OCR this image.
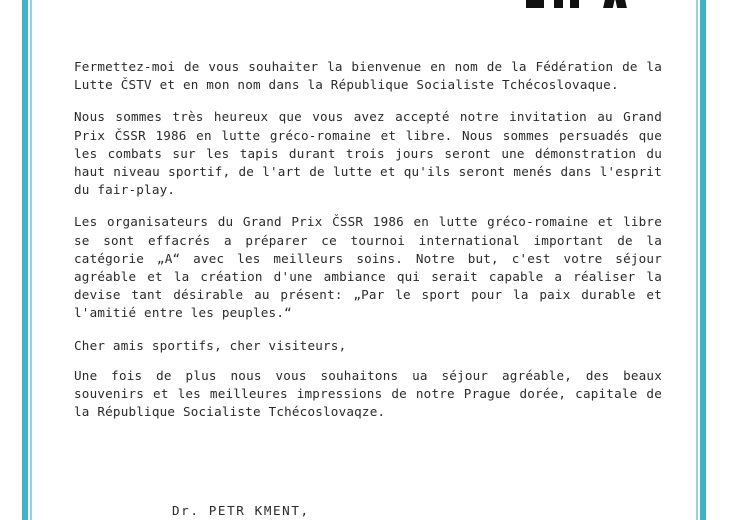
Fermettez-moi de vous souhaiter la bienvenue en nom de la Fédération de la Lutte ČSTV et en mon nom dans la République Socialiste Tchécoslovaque.

Nous sommes très heureux que vous avez accepté notre invitation au Grand Prix ČSSR 1986 en lutte gréco-romaine et libre. Nous sommes persuadés que les combats sur les tapis durant trois jours seront une démonstration du haut niveau sportif, de l'art de lutte et qu'ils seront menés dans l'esprit du fair-play.

Les organisateurs du Grand Prix ČSSR 1986 en lutte gréco-romaine et libre se sont effacrés a préparer ce tournoi international important de la catégorie „A“ avec les meilleurs soins. Notre but, c'est votre séjour agréable et la création d'une ambiance qui serait capable a réaliser la devise tant désirable au présent: „Par le sport pour la paix durable et l'amitié entre les peuples.“

Cher amis sportifs, cher visiteurs,

Une fois de plus nous vous souhaitons ua séjour agréable, des beaux souvenirs et les meilleures impressions de notre Prague dorée, capitale de la République Socialiste Tchécoslovaqze.

Dr. PETR KMENT,
